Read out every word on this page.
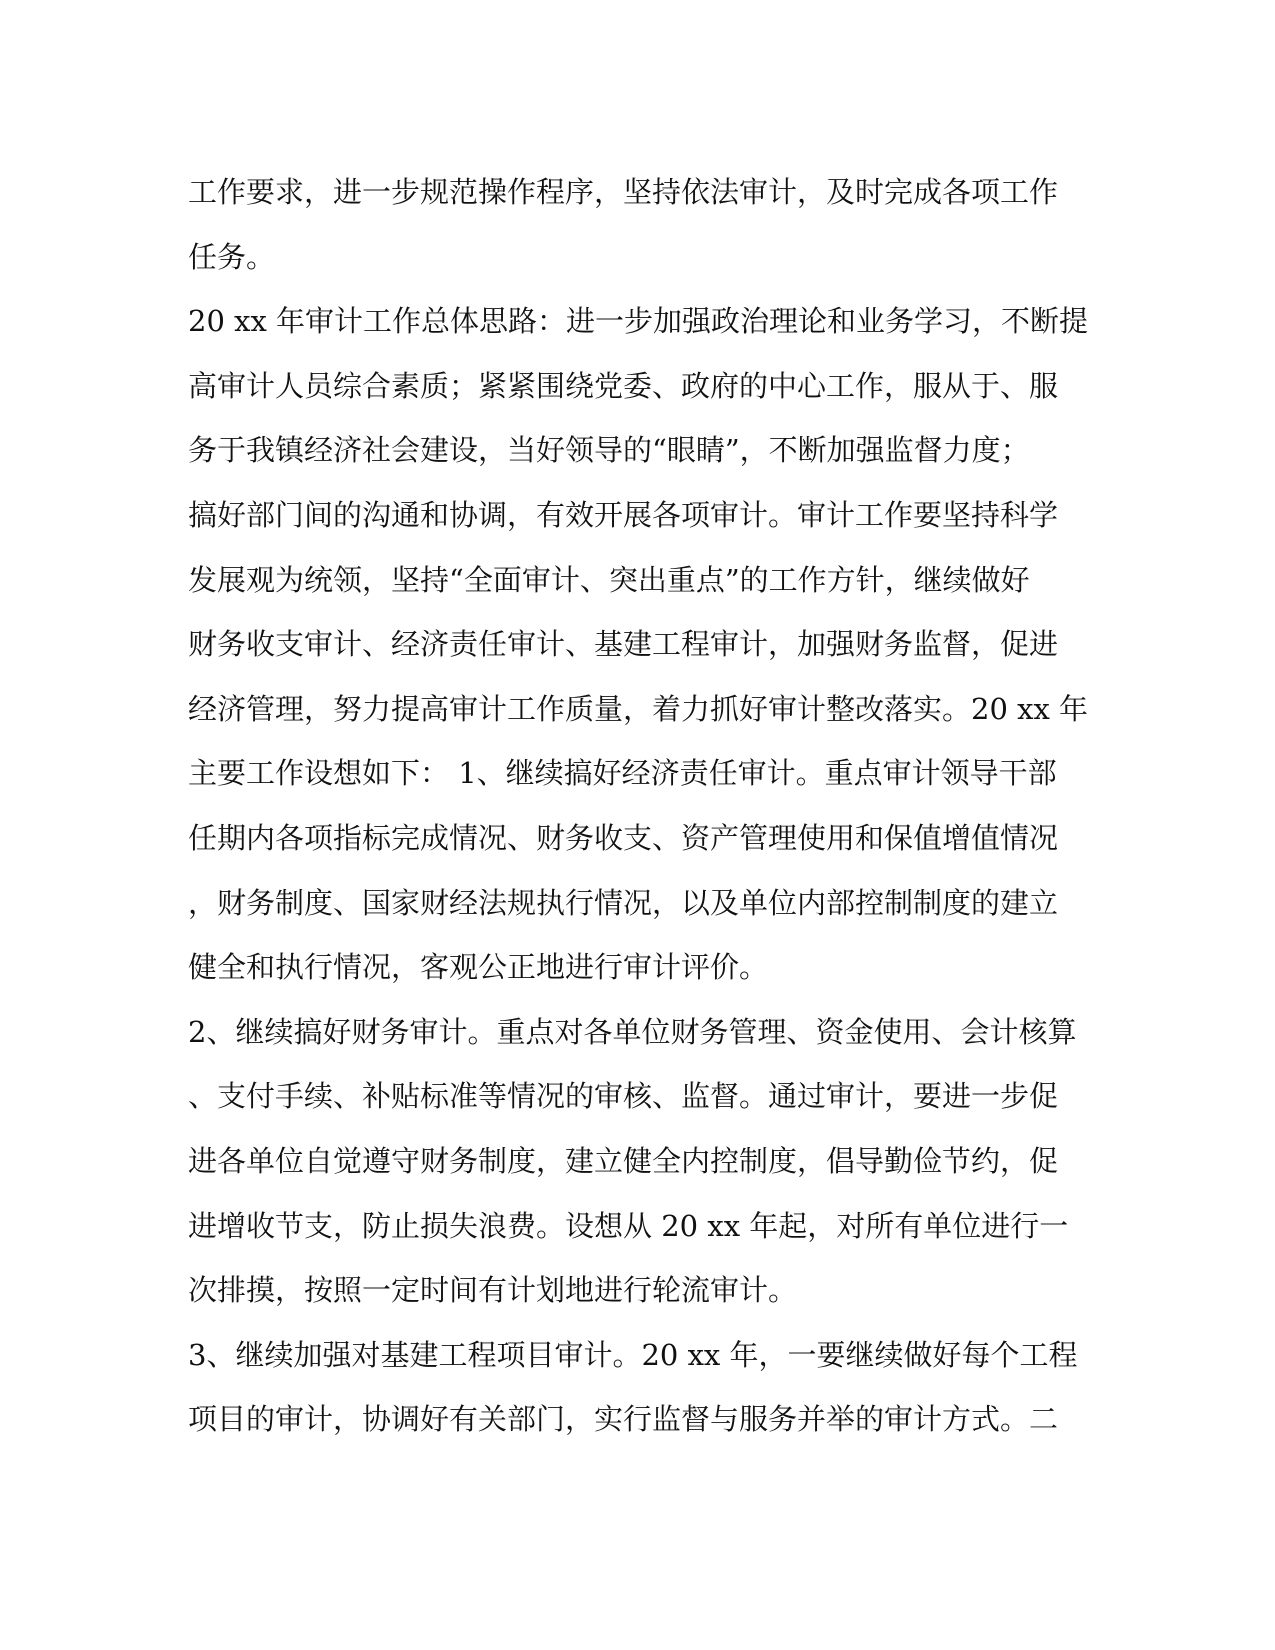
工作要求，进一步规范操作程序，坚持依法审计，及时完成各项工作
任务。
20 xx 年审计工作总体思路：进一步加强政治理论和业务学习，不断提
高审计人员综合素质；紧紧围绕党委、政府的中心工作，服从于、服
务于我镇经济社会建设，当好领导的“眼睛”，不断加强监督力度；
搞好部门间的沟通和协调，有效开展各项审计。审计工作要坚持科学
发展观为统领，坚持“全面审计、突出重点”的工作方针，继续做好
财务收支审计、经济责任审计、基建工程审计，加强财务监督，促进
经济管理，努力提高审计工作质量，着力抓好审计整改落实。20 xx 年
主要工作设想如下： 1、继续搞好经济责任审计。重点审计领导干部
任期内各项指标完成情况、财务收支、资产管理使用和保值增值情况
，财务制度、国家财经法规执行情况，以及单位内部控制制度的建立
健全和执行情况，客观公正地进行审计评价。
2、继续搞好财务审计。重点对各单位财务管理、资金使用、会计核算
、支付手续、补贴标准等情况的审核、监督。通过审计，要进一步促
进各单位自觉遵守财务制度，建立健全内控制度，倡导勤俭节约，促
进增收节支，防止损失浪费。设想从 20 xx 年起，对所有单位进行一
次排摸，按照一定时间有计划地进行轮流审计。
3、继续加强对基建工程项目审计。20 xx 年，一要继续做好每个工程
项目的审计，协调好有关部门，实行监督与服务并举的审计方式。二
